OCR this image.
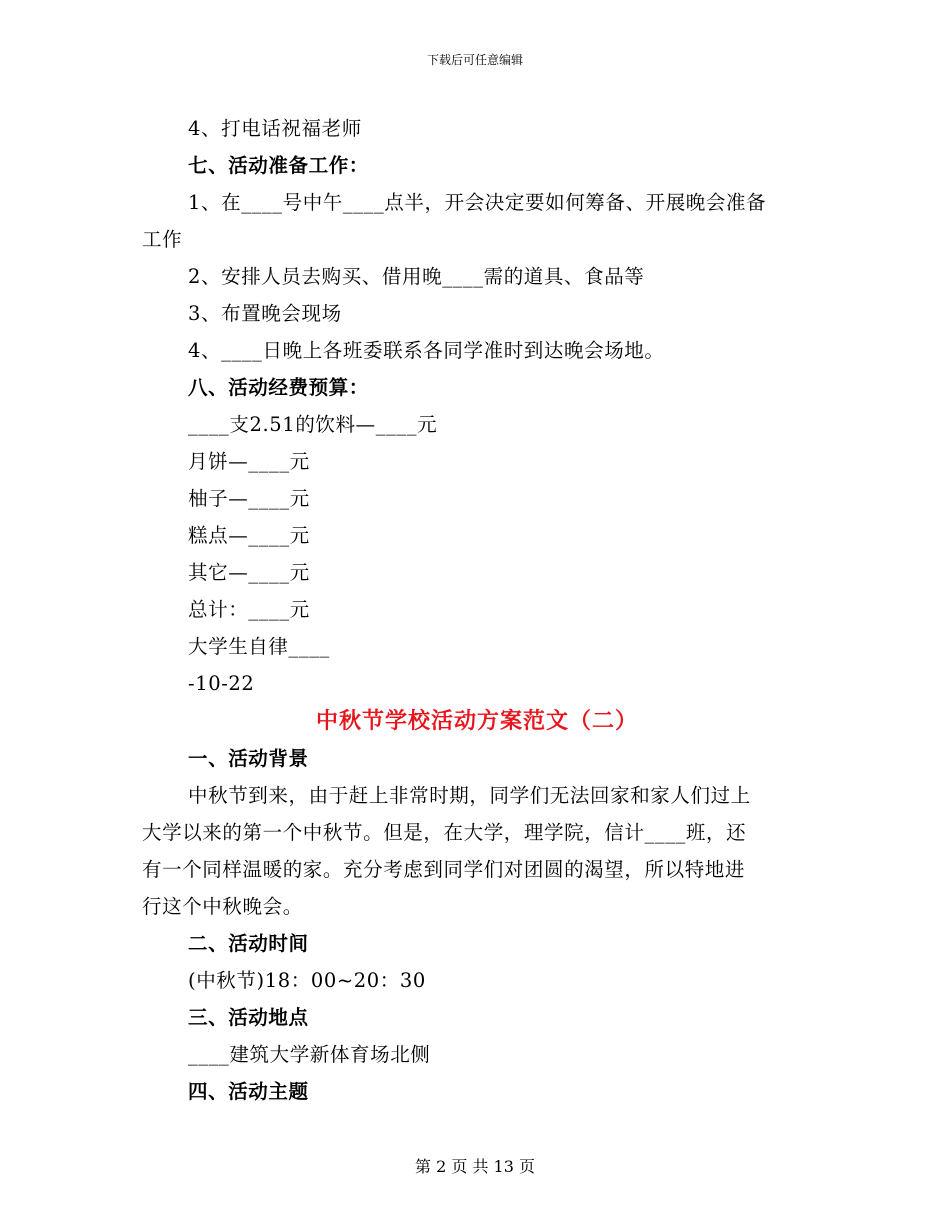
下载后可任意编辑
4、打电话祝福老师
七、活动准备工作：
1、在____号中午____点半，开会决定要如何筹备、开展晚会准备
工作
2、安排人员去购买、借用晚____需的道具、食品等
3、布置晚会现场
4、____日晚上各班委联系各同学准时到达晚会场地。
八、活动经费预算：
____支2.51的饮料—____元
月饼—____元
柚子—____元
糕点—____元
其它—____元
总计：____元
大学生自律____
-10-22
中秋节学校活动方案范文（二）
一、活动背景
中秋节到来，由于赶上非常时期，同学们无法回家和家人们过上
大学以来的第一个中秋节。但是，在大学，理学院，信计____班，还
有一个同样温暖的家。充分考虑到同学们对团圆的渴望，所以特地进
行这个中秋晚会。
二、活动时间
(中秋节)18：00~20：30
三、活动地点
____建筑大学新体育场北侧
四、活动主题
第 2 页 共 13 页
